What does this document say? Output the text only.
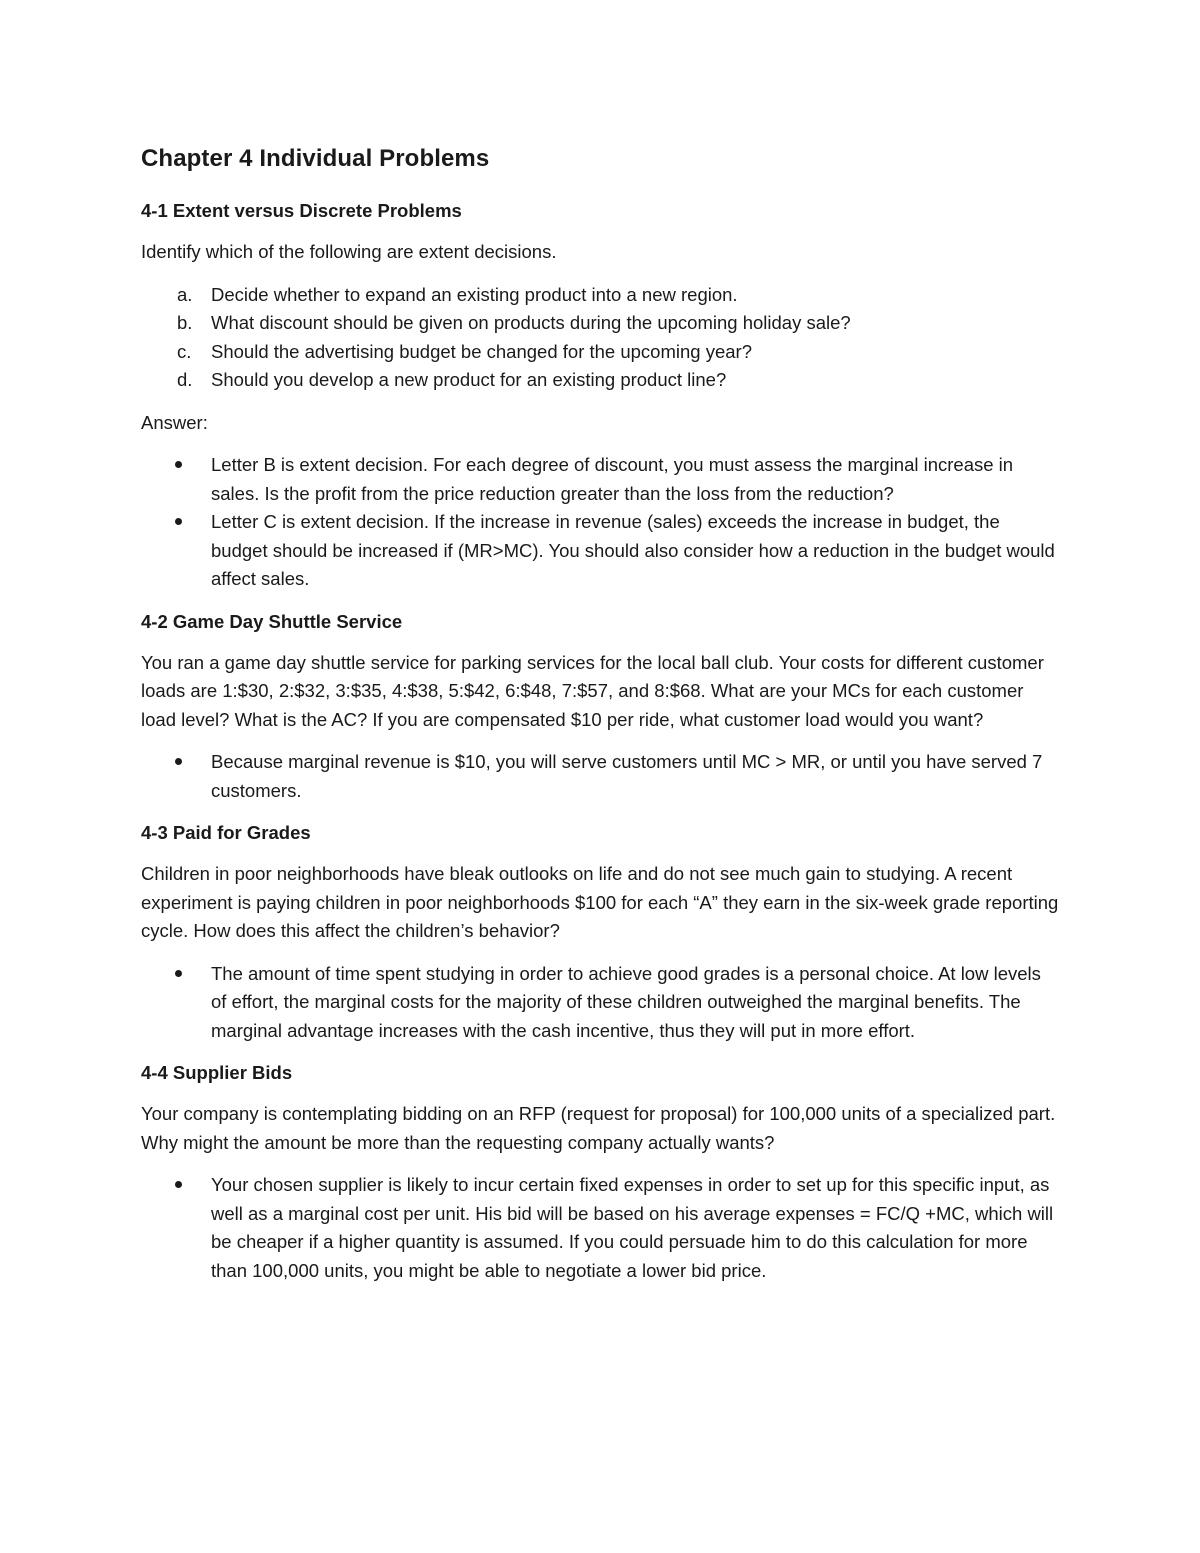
Chapter 4 Individual Problems
4-1 Extent versus Discrete Problems

Identify which of the following are extent decisions.

a. Decide whether to expand an existing product into a new region.
b. What discount should be given on products during the upcoming holiday sale?
c. Should the advertising budget be changed for the upcoming year?
d. Should you develop a new product for an existing product line?

Answer:

Letter B is extent decision. For each degree of discount, you must assess the marginal increase in sales. Is the profit from the price reduction greater than the loss from the reduction?
Letter C is extent decision. If the increase in revenue (sales) exceeds the increase in budget, the budget should be increased if (MR>MC). You should also consider how a reduction in the budget would affect sales.
4-2 Game Day Shuttle Service

You ran a game day shuttle service for parking services for the local ball club. Your costs for different customer loads are 1:$30, 2:$32, 3:$35, 4:$38, 5:$42, 6:$48, 7:$57, and 8:$68. What are your MCs for each customer load level? What is the AC? If you are compensated $10 per ride, what customer load would you want?

Because marginal revenue is $10, you will serve customers until MC > MR, or until you have served 7 customers.
4-3 Paid for Grades

Children in poor neighborhoods have bleak outlooks on life and do not see much gain to studying. A recent experiment is paying children in poor neighborhoods $100 for each “A” they earn in the six-week grade reporting cycle. How does this affect the children’s behavior?

The amount of time spent studying in order to achieve good grades is a personal choice. At low levels of effort, the marginal costs for the majority of these children outweighed the marginal benefits. The marginal advantage increases with the cash incentive, thus they will put in more effort.
4-4 Supplier Bids

Your company is contemplating bidding on an RFP (request for proposal) for 100,000 units of a specialized part. Why might the amount be more than the requesting company actually wants?

Your chosen supplier is likely to incur certain fixed expenses in order to set up for this specific input, as well as a marginal cost per unit. His bid will be based on his average expenses = FC/Q +MC, which will be cheaper if a higher quantity is assumed. If you could persuade him to do this calculation for more than 100,000 units, you might be able to negotiate a lower bid price.
